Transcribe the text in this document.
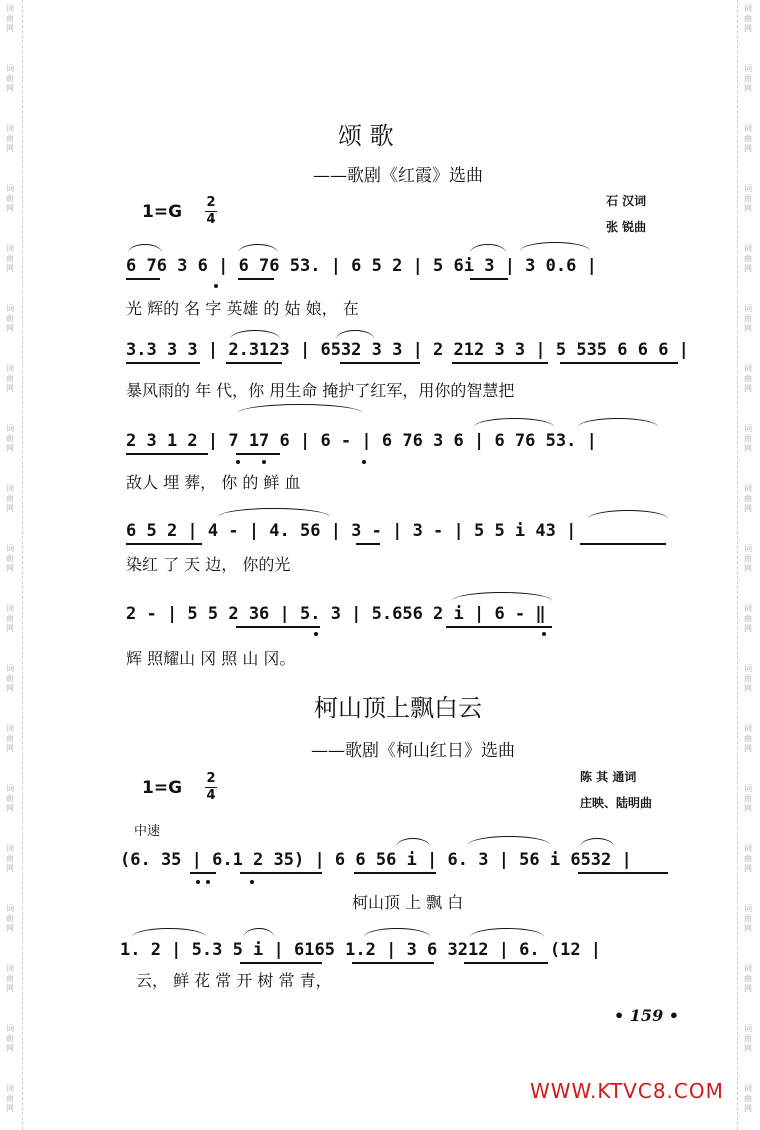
词
曲
网
词
曲
网
词
曲
网
词
曲
网
词
曲
网
词
曲
网
词
曲
网
词
曲
网
词
曲
网
词
曲
网
词
曲
网
词
曲
网
词
曲
网
词
曲
网
词
曲
网
词
曲
网
词
曲
网
词
曲
网
词
曲
网
词
曲
网
词
曲
网
词
曲
网
词
曲
网
词
曲
网
词
曲
网
词
曲
网
词
曲
网
词
曲
网
词
曲
网
词
曲
网
词
曲
网
词
曲
网
词
曲
网
词
曲
网
词
曲
网
词
曲
网
词
曲
网
词
曲
网
颂 歌
——歌剧《红霞》选曲
1=G 2
4
石 汉词
张 锐曲
6 76 3 6 | 6 76 53. | 6 5 2 | 5 6i 3 | 3 0.6 |
光 辉的 名 字 英雄 的 姑 娘， 在
3.3 3 3 | 2.3123 | 6532 3 3 | 2 212 3 3 | 5 535 6 6 6 |
暴风雨的 年 代，你 用生命 掩护了红军，用你的智慧把
2 3 1 2 | 7 17 6 | 6 - | 6 76 3 6 | 6 76 53. |
敌人 埋 葬， 你 的 鲜 血
6 5 2 | 4 - | 4. 56 | 3 - | 3 - | 5 5 i 43 |
染红 了 天 边， 你的光
2 - | 5 5 2 36 | 5. 3 | 5.656 2 i | 6 - ‖
辉 照耀山 冈 照 山 冈。
柯山顶上飘白云
——歌剧《柯山红日》选曲
1=G 2
4
陈 其 通词
庄映、陆明曲
中速
(6. 35 | 6.1 2 35) | 6 6 56 i | 6. 3 | 56 i 6532 |
柯山顶 上 飘 白
1. 2 | 5.3 5 i | 6165 1.2 | 3 6 3212 | 6. (12 |
云， 鲜 花 常 开 树 常 青，
• 159 •
WWW.KTVC8.COM
